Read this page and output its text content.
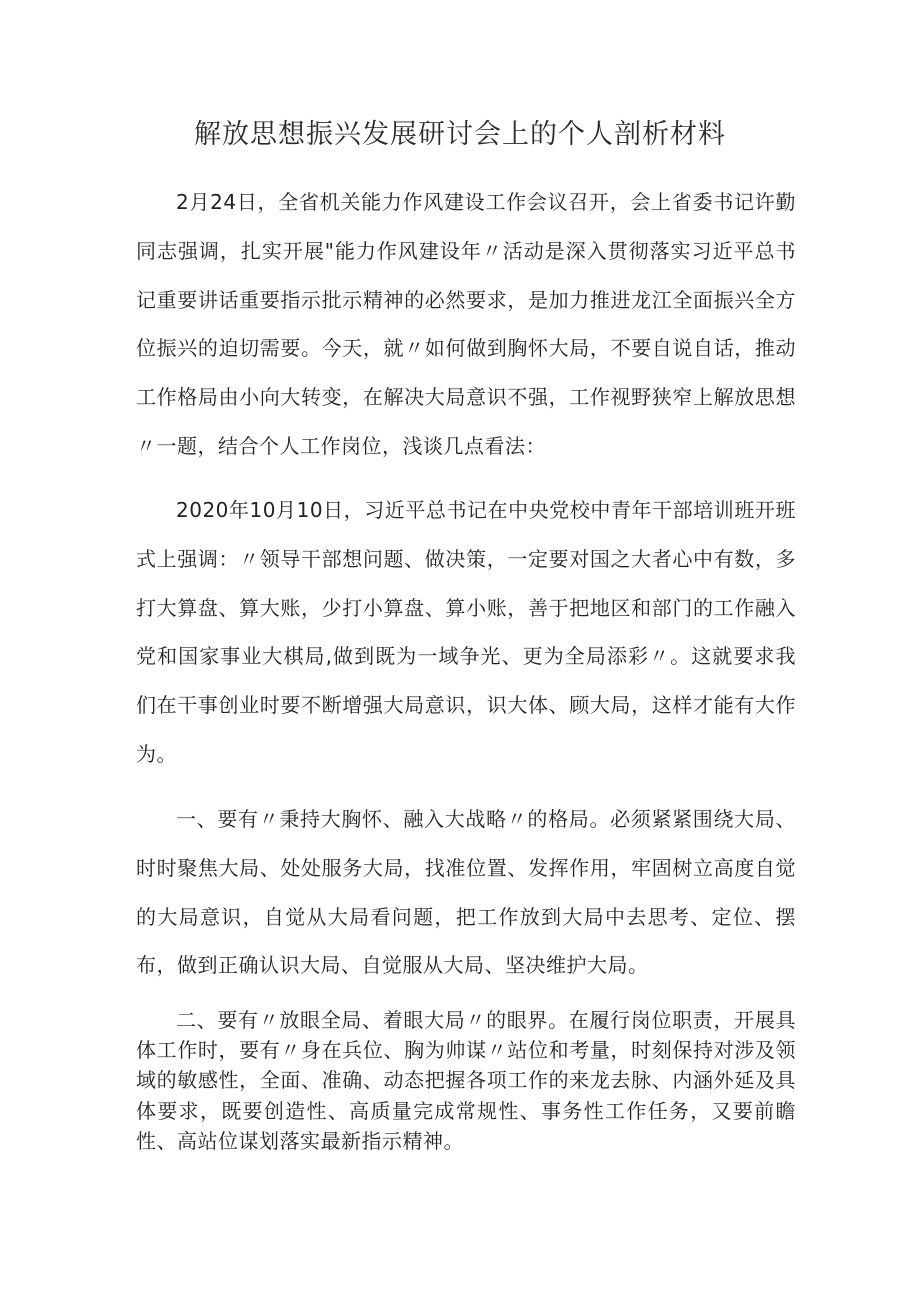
解放思想振兴发展研讨会上的个人剖析材料

2月24日，全省机关能力作风建设工作会议召开，会上省委书记许勤同志强调，扎实开展"能力作风建设年〃活动是深入贯彻落实习近平总书记重要讲话重要指示批示精神的必然要求，是加力推进龙江全面振兴全方位振兴的迫切需要。今天，就〃如何做到胸怀大局，不要自说自话，推动工作格局由小向大转变，在解决大局意识不强，工作视野狭窄上解放思想〃一题，结合个人工作岗位，浅谈几点看法：

2020年10月10日，习近平总书记在中央党校中青年干部培训班开班式上强调：〃领导干部想问题、做决策，一定要对国之大者心中有数，多打大算盘、算大账，少打小算盘、算小账，善于把地区和部门的工作融入党和国家事业大棋局,做到既为一域争光、更为全局添彩〃。这就要求我们在干事创业时要不断增强大局意识，识大体、顾大局，这样才能有大作为。

一、要有〃秉持大胸怀、融入大战略〃的格局。必须紧紧围绕大局、时时聚焦大局、处处服务大局，找准位置、发挥作用，牢固树立高度自觉的大局意识，自觉从大局看问题，把工作放到大局中去思考、定位、摆布，做到正确认识大局、自觉服从大局、坚决维护大局。

二、要有〃放眼全局、着眼大局〃的眼界。在履行岗位职责，开展具体工作时，要有〃身在兵位、胸为帅谋〃站位和考量，时刻保持对涉及领域的敏感性，全面、准确、动态把握各项工作的来龙去脉、内涵外延及具体要求，既要创造性、高质量完成常规性、事务性工作任务，又要前瞻性、高站位谋划落实最新指示精神。
